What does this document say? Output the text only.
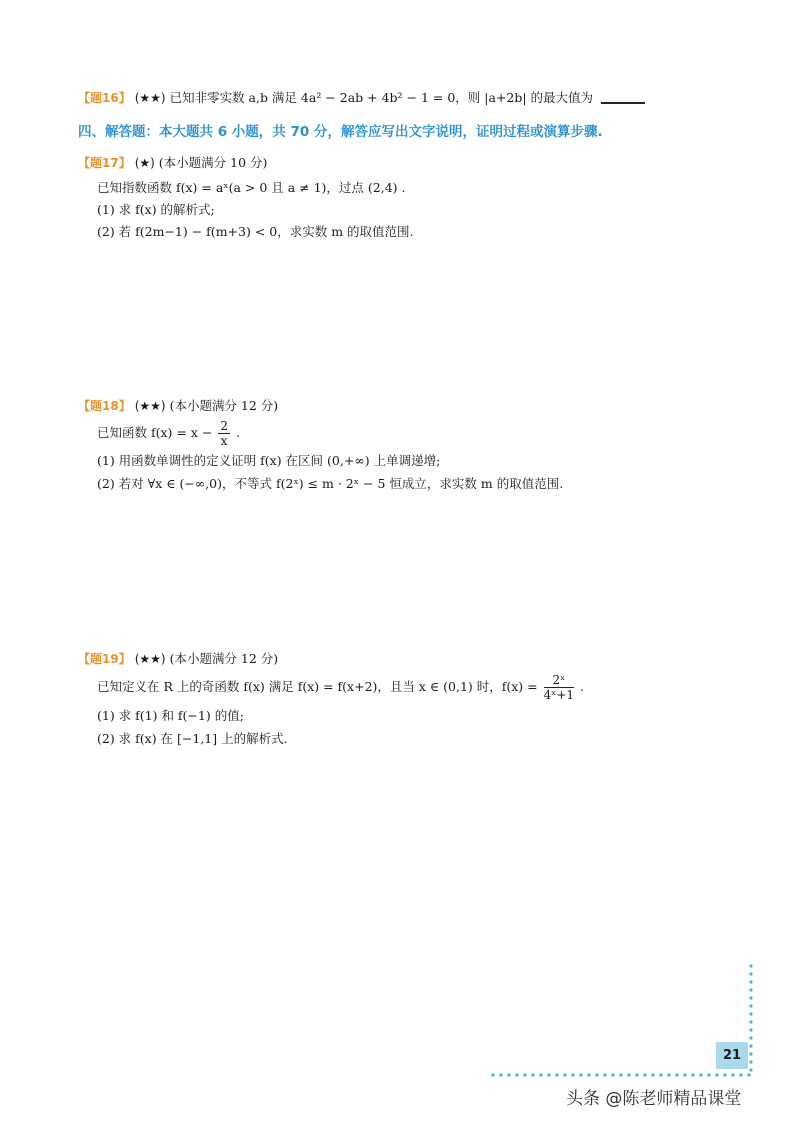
【题16】 (★★) 已知非零实数 a,b 满足 4a² − 2ab + 4b² − 1 = 0，则 |a+2b| 的最大值为
四、解答题：本大题共 6 小题，共 70 分，解答应写出文字说明，证明过程或演算步骤.
【题17】 (★) (本小题满分 10 分)
已知指数函数 f(x) = aˣ(a > 0 且 a ≠ 1)，过点 (2,4) .
(1) 求 f(x) 的解析式;
(2) 若 f(2m−1) − f(m+3) < 0，求实数 m 的取值范围.
【题18】 (★★) (本小题满分 12 分)
已知函数 $f(x) = x - \frac{2}{x}$ .
(1) 用函数单调性的定义证明 f(x) 在区间 (0,+∞) 上单调递增;
(2) 若对 ∀x ∈ (−∞,0)，不等式 f(2ˣ) ≤ m · 2ˣ − 5 恒成立，求实数 m 的取值范围.
【题19】 (★★) (本小题满分 12 分)
已知定义在 R 上的奇函数 f(x) 满足 f(x) = f(x+2)，且当 x ∈ (0,1) 时，$f(x) = \frac{\text{2ˣ}}{\text{4ˣ+1}}$ .
(1) 求 f(1) 和 f(−1) 的值;
(2) 求 f(x) 在 [−1,1] 上的解析式.
21
头条 @陈老师精品课堂
